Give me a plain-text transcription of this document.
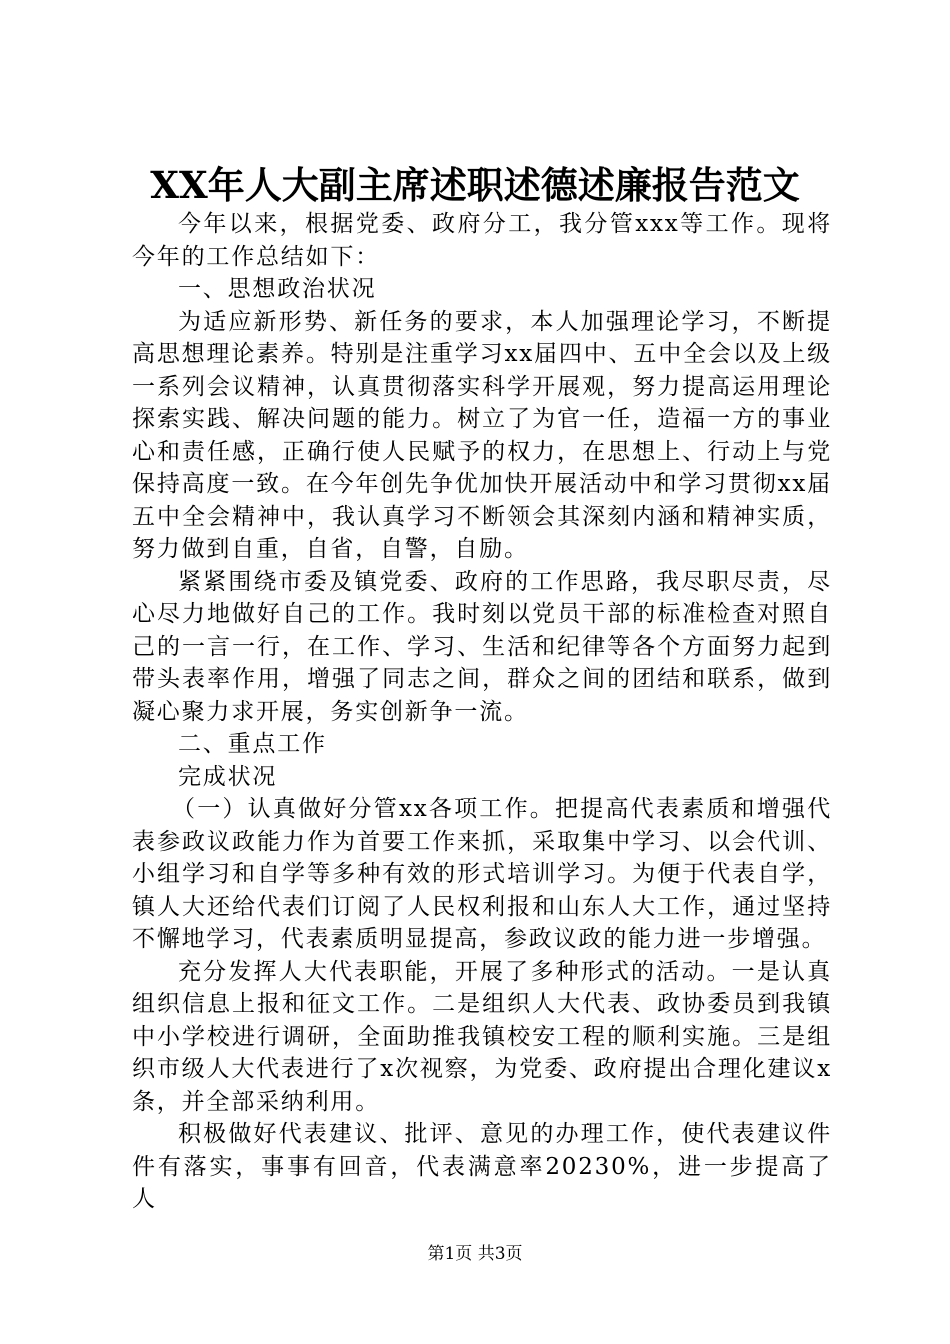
XX年人大副主席述职述德述廉报告范文

今年以来，根据党委、政府分工，我分管xxx等工作。现将今年的工作总结如下：

一、思想政治状况

为适应新形势、新任务的要求，本人加强理论学习，不断提高思想理论素养。特别是注重学习xx届四中、五中全会以及上级一系列会议精神，认真贯彻落实科学开展观，努力提高运用理论探索实践、解决问题的能力。树立了为官一任，造福一方的事业心和责任感，正确行使人民赋予的权力，在思想上、行动上与党保持高度一致。在今年创先争优加快开展活动中和学习贯彻xx届五中全会精神中，我认真学习不断领会其深刻内涵和精神实质，努力做到自重，自省，自警，自励。

紧紧围绕市委及镇党委、政府的工作思路，我尽职尽责，尽心尽力地做好自己的工作。我时刻以党员干部的标准检查对照自己的一言一行，在工作、学习、生活和纪律等各个方面努力起到带头表率作用，增强了同志之间，群众之间的团结和联系，做到凝心聚力求开展，务实创新争一流。

二、重点工作

完成状况

（一）认真做好分管xx各项工作。把提高代表素质和增强代表参政议政能力作为首要工作来抓，采取集中学习、以会代训、小组学习和自学等多种有效的形式培训学习。为便于代表自学，镇人大还给代表们订阅了人民权利报和山东人大工作，通过坚持不懈地学习，代表素质明显提高，参政议政的能力进一步增强。

充分发挥人大代表职能，开展了多种形式的活动。一是认真组织信息上报和征文工作。二是组织人大代表、政协委员到我镇中小学校进行调研，全面助推我镇校安工程的顺利实施。三是组织市级人大代表进行了x次视察，为党委、政府提出合理化建议x条，并全部采纳利用。

积极做好代表建议、批评、意见的办理工作，使代表建议件件有落实，事事有回音，代表满意率20230%，进一步提高了人

第1页 共3页
